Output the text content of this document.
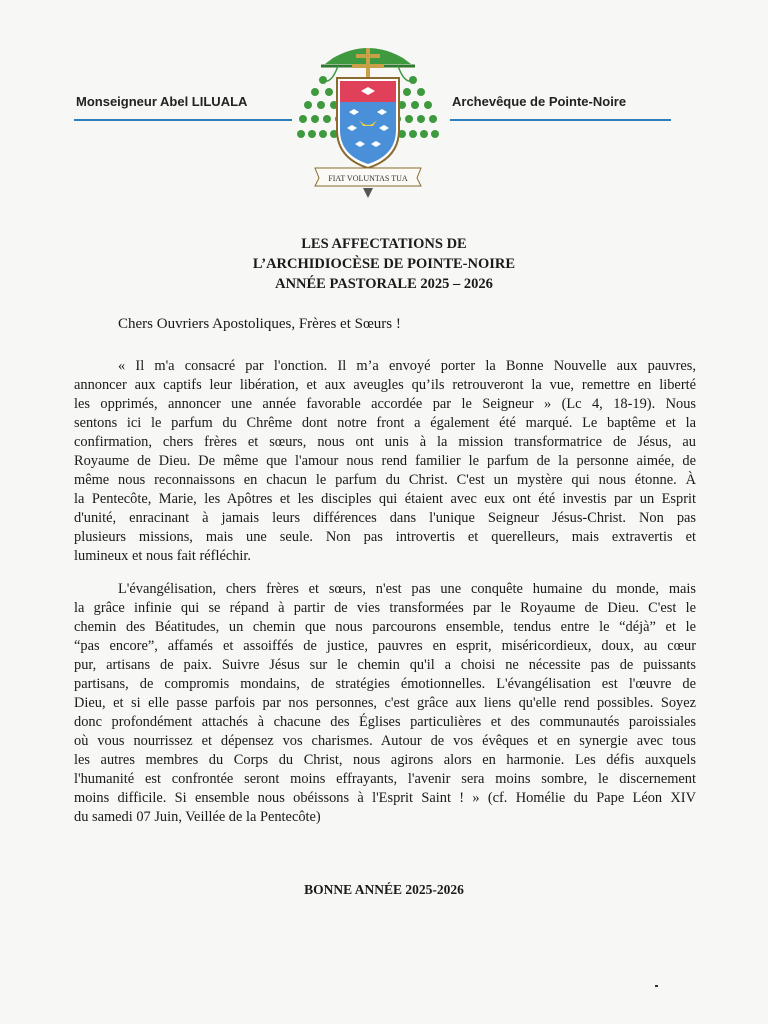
Monseigneur Abel LILUALA	Archevêque de Pointe-Noire
FIAT VOLUNTAS TUA
LES AFFECTATIONS DE
L’ARCHIDIOCÈSE DE POINTE-NOIRE
ANNÉE PASTORALE 2025 – 2026
Chers Ouvriers Apostoliques, Frères et Sœurs !
« Il m'a consacré par l'onction. Il m’a envoyé porter la Bonne Nouvelle aux pauvres,
annoncer aux captifs leur libération, et aux aveugles qu’ils retrouveront la vue, remettre en liberté
les opprimés, annoncer une année favorable accordée par le Seigneur » (Lc 4, 18-19). Nous
sentons ici le parfum du Chrême dont notre front a également été marqué. Le baptême et la
confirmation, chers frères et sœurs, nous ont unis à la mission transformatrice de Jésus, au
Royaume de Dieu. De même que l'amour nous rend familier le parfum de la personne aimée, de
même nous reconnaissons en chacun le parfum du Christ. C'est un mystère qui nous étonne. À
la Pentecôte, Marie, les Apôtres et les disciples qui étaient avec eux ont été investis par un Esprit
d'unité, enracinant à jamais leurs différences dans l'unique Seigneur Jésus-Christ. Non pas
plusieurs missions, mais une seule. Non pas introvertis et querelleurs, mais extravertis et
lumineux et nous fait réfléchir.
L'évangélisation, chers frères et sœurs, n'est pas une conquête humaine du monde, mais
la grâce infinie qui se répand à partir de vies transformées par le Royaume de Dieu. C'est le
chemin des Béatitudes, un chemin que nous parcourons ensemble, tendus entre le “déjà” et le
“pas encore”, affamés et assoiffés de justice, pauvres en esprit, miséricordieux, doux, au cœur
pur, artisans de paix. Suivre Jésus sur le chemin qu'il a choisi ne nécessite pas de puissants
partisans, de compromis mondains, de stratégies émotionnelles. L'évangélisation est l'œuvre de
Dieu, et si elle passe parfois par nos personnes, c'est grâce aux liens qu'elle rend possibles. Soyez
donc profondément attachés à chacune des Églises particulières et des communautés paroissiales
où vous nourrissez et dépensez vos charismes. Autour de vos évêques et en synergie avec tous
les autres membres du Corps du Christ, nous agirons alors en harmonie. Les défis auxquels
l'humanité est confrontée seront moins effrayants, l'avenir sera moins sombre, le discernement
moins difficile. Si ensemble nous obéissons à l'Esprit Saint ! » (cf. Homélie du Pape Léon XIV
du samedi 07 Juin, Veillée de la Pentecôte)
BONNE ANNÉE 2025-2026
